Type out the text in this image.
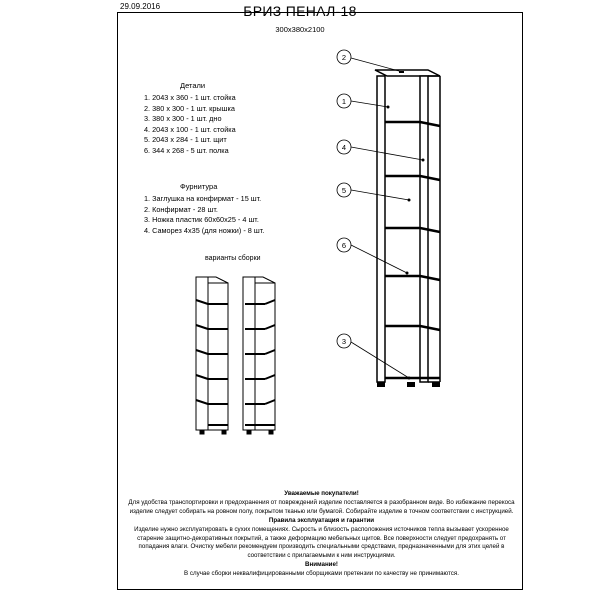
29.09.2016	БРИЗ ПЕНАЛ-18
300х380х2100
Детали
1. 2043 х 360 - 1 шт. стойка
2. 380 х 300 - 1 шт. крышка
3. 380 х 300 - 1 шт. дно
4. 2043 х 100 - 1 шт. стойка
5. 2043 х 284 - 1 шт. щит
6. 344 х 268 - 5 шт. полка
Фурнитура
1. Заглушка на конфирмат - 15 шт.
2. Конфирмат - 28 шт.
3. Ножка пластик 60х60х25 - 4 шт.
4. Саморез 4х35 (для ножки) - 8 шт.
варианты сборки
2
1
4
5
6
3
Уважаемые покупатели!
Для удобства транспортировки и предохранения от повреждений изделие поставляется в разобранном виде. Во избежание перекоса изделие следует собирать на ровном полу, покрытом тканью или бумагой. Собирайте изделие в точном соответствии с инструкцией.
Правила эксплуатация и гарантии
Изделие нужно эксплуатировать в сухих помещениях. Сырость и близость расположения источников тепла вызывает ускоренное старение защитно-декоративных покрытий, а также деформацию мебельных щитов. Все поверхности следует предохранять от попадания влаги. Очистку мебели рекомендуем производить специальными средствами, предназначенными для этих целей в соответствии с прилагаемыми к ним инструкциями.
Внимание!
В случае сборки неквалифицированными сборщиками претензии по качеству не принимаются.
